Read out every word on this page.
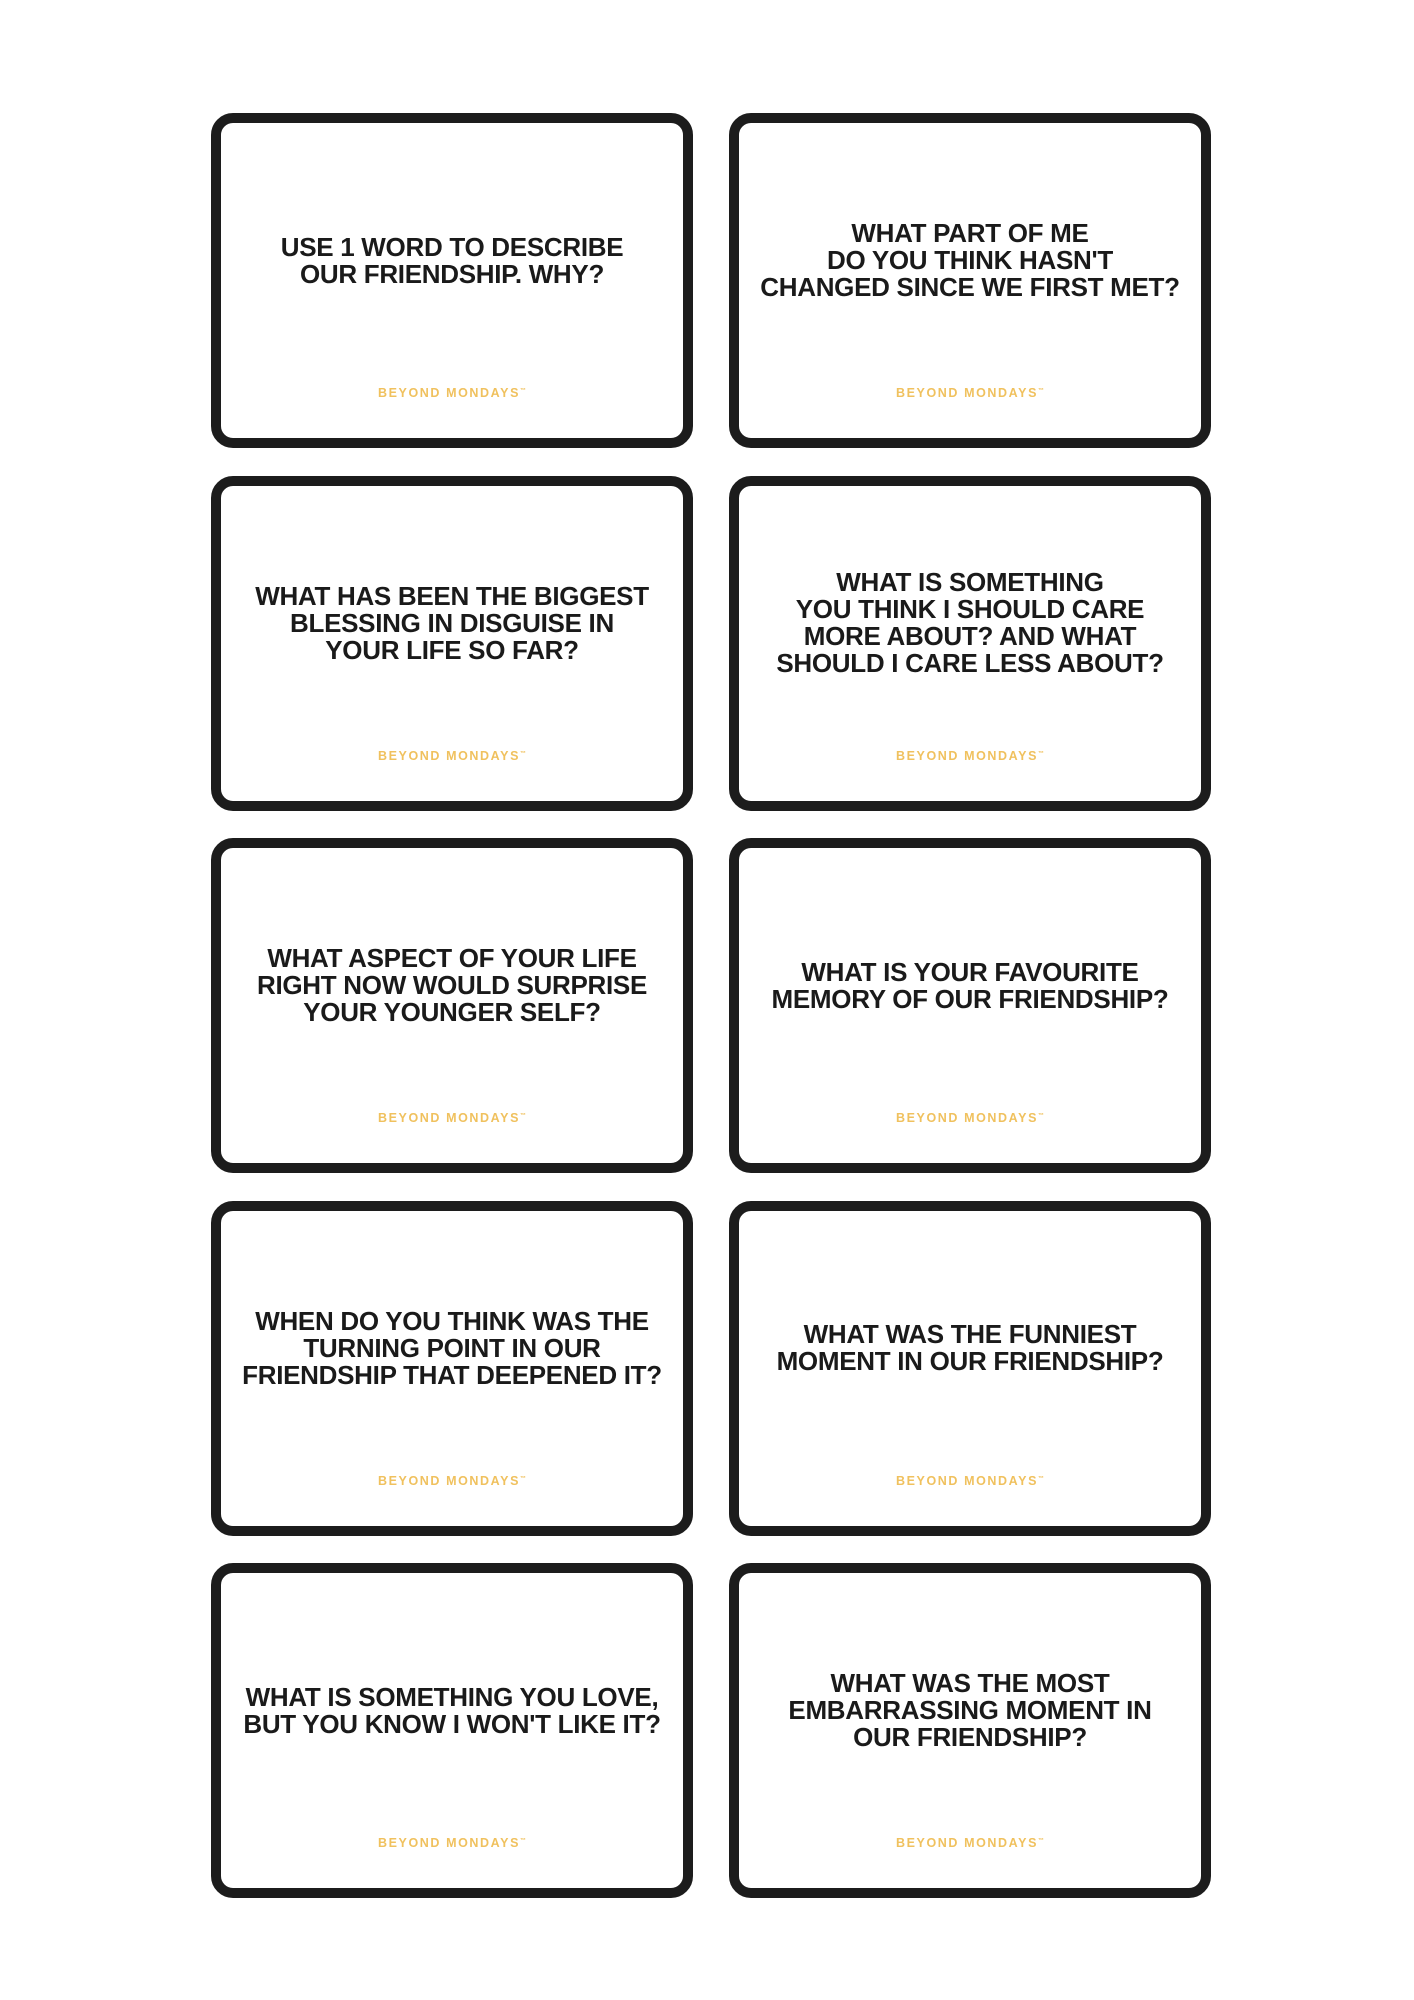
USE 1 WORD TO DESCRIBE
OUR FRIENDSHIP. WHY?
BEYOND MONDAYS™
WHAT PART OF ME
DO YOU THINK HASN'T
CHANGED SINCE WE FIRST MET?
BEYOND MONDAYS™
WHAT HAS BEEN THE BIGGEST
BLESSING IN DISGUISE IN
YOUR LIFE SO FAR?
BEYOND MONDAYS™
WHAT IS SOMETHING
YOU THINK I SHOULD CARE
MORE ABOUT? AND WHAT
SHOULD I CARE LESS ABOUT?
BEYOND MONDAYS™
WHAT ASPECT OF YOUR LIFE
RIGHT NOW WOULD SURPRISE
YOUR YOUNGER SELF?
BEYOND MONDAYS™
WHAT IS YOUR FAVOURITE
MEMORY OF OUR FRIENDSHIP?
BEYOND MONDAYS™
WHEN DO YOU THINK WAS THE
TURNING POINT IN OUR
FRIENDSHIP THAT DEEPENED IT?
BEYOND MONDAYS™
WHAT WAS THE FUNNIEST
MOMENT IN OUR FRIENDSHIP?
BEYOND MONDAYS™
WHAT IS SOMETHING YOU LOVE,
BUT YOU KNOW I WON'T LIKE IT?
BEYOND MONDAYS™
WHAT WAS THE MOST
EMBARRASSING MOMENT IN
OUR FRIENDSHIP?
BEYOND MONDAYS™
